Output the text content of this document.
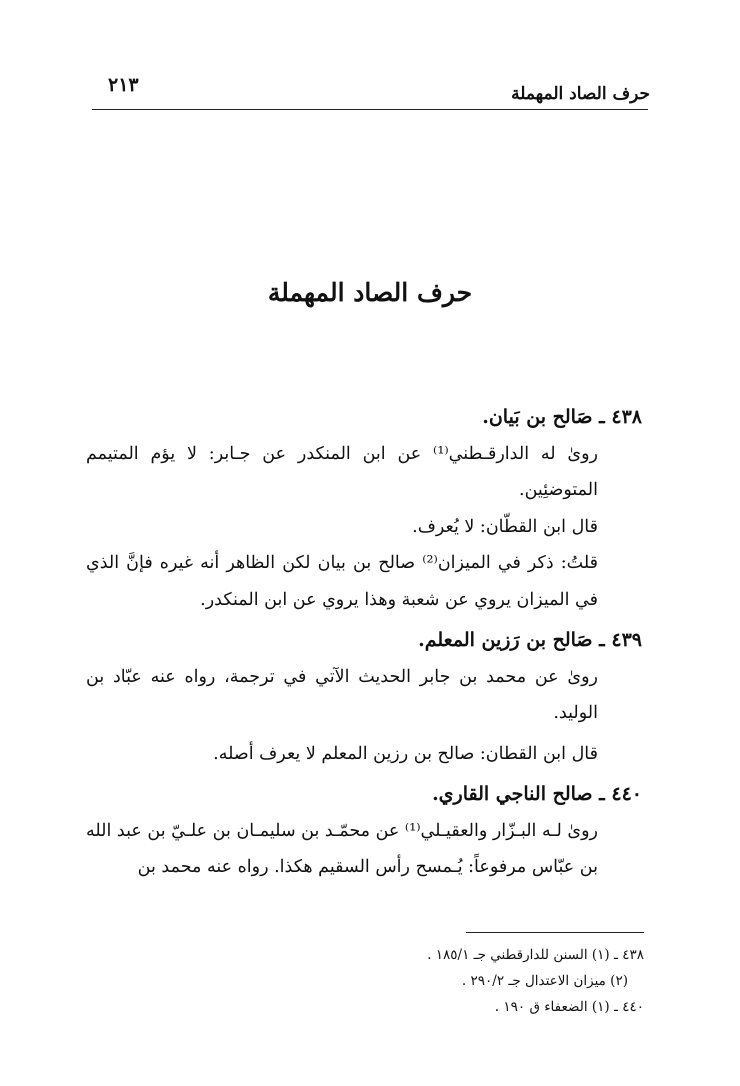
حرف الصاد المهملة
٢١٣
حرف الصاد المهملة

٤٣٨ ـ صَالح بن بَيان.

روىٰ له الدارقـطني⁽¹⁾ عن ابن المنكدر عن جـابر: لا يؤم المتيمم المتوضئِين.

قال ابن القطّان: لا يُعرف.

قلتُ: ذكر في الميزان⁽²⁾ صالح بن بيان لكن الظاهر أنه غيره فإنَّ الذي في الميزان يروي عن شعبة وهذا يروي عن ابن المنكدر.

٤٣٩ ـ صَالح بن رَزين المعلم.

روىٰ عن محمد بن جابر الحديث الآتي في ترجمة، رواه عنه عبّاد بن الوليد.

قال ابن القطان: صالح بن رزين المعلم لا يعرف أصله.

٤٤٠ ـ صالح الناجي القاري.

روىٰ لـه البـزّار والعقيـلي⁽¹⁾ عن محمّـد بن سليمـان بن علـيّ بن عبد الله بن عبّاس مرفوعاً: يُـمسح رأس السقيم هكذا. رواه عنه محمد بن

٤٣٨ ـ (١) السنن للدارقطني جـ ١٨٥/١ .

(٢) ميزان الاعتدال جـ ٢٩٠/٢ .

٤٤٠ ـ (١) الضعفاء ق ١٩٠ .
